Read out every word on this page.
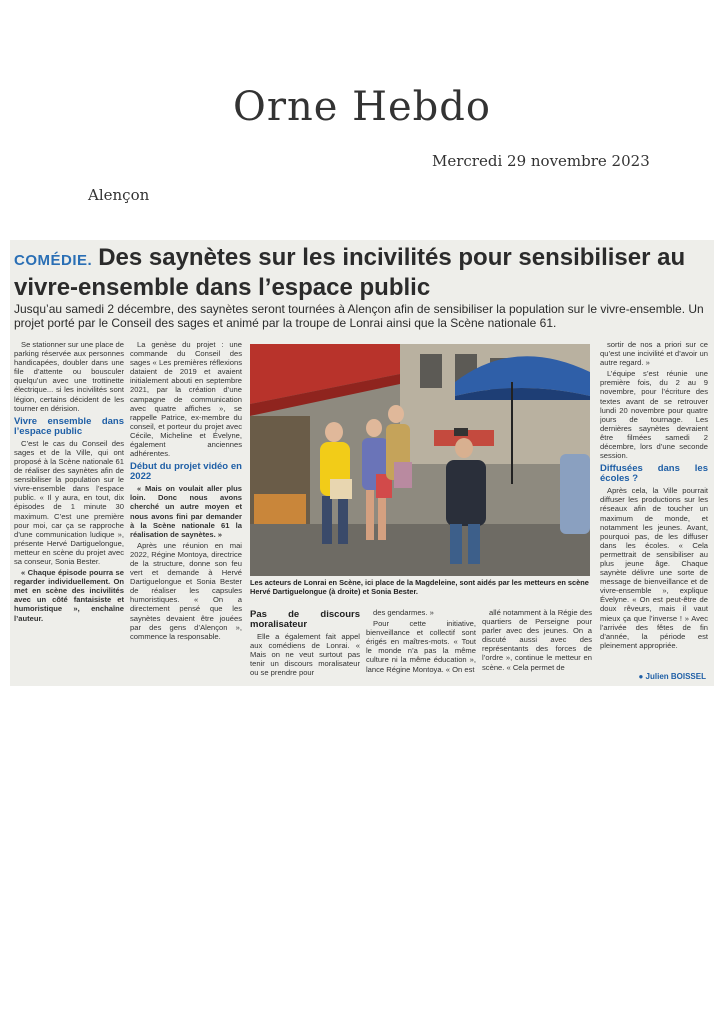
Orne Hebdo
Mercredi 29 novembre 2023
Alençon
COMÉDIE. Des saynètes sur les incivilités pour sensibiliser au vivre-ensemble dans l’espace public
Jusqu’au samedi 2 décembre, des saynètes seront tournées à Alençon afin de sensibiliser la population sur le vivre-ensemble. Un projet porté par le Conseil des sages et animé par la troupe de Lonrai ainsi que la Scène nationale 61.

Se stationner sur une place de parking réservée aux personnes handicapées, doubler dans une file d’attente ou bousculer quelqu’un avec une trottinette électrique... si les incivilités sont légion, certains décident de les tourner en dérision.

Vivre ensemble dans l’espace public

C’est le cas du Conseil des sages et de la Ville, qui ont proposé à la Scène nationale 61 de réaliser des saynètes afin de sensibiliser la population sur le vivre-ensemble dans l’espace public. « Il y aura, en tout, dix épisodes de 1 minute 30 maximum. C’est une première pour moi, car ça se rapproche d’une communication ludique », présente Hervé Dartiguelongue, metteur en scène du projet avec sa conseur, Sonia Bester.

« Chaque épisode pourra se regarder individuellement. On met en scène des incivilités avec un côté fantaisiste et humoristique », enchaîne l’auteur.

La genèse du projet : une commande du Conseil des sages « Les premières réflexions dataient de 2019 et avaient initialement abouti en septembre 2021, par la création d’une campagne de communication avec quatre affiches », se rappelle Patrice, ex-membre du conseil, et porteur du projet avec Cécile, Micheline et Évelyne, également anciennes adhérentes.

Début du projet vidéo en 2022

« Mais on voulait aller plus loin. Donc nous avons cherché un autre moyen et nous avons fini par demander à la Scène nationale 61 la réalisation de saynètes. »

Après une réunion en mai 2022, Régine Montoya, directrice de la structure, donne son feu vert et demande à Hervé Dartiguelongue et Sonia Bester de réaliser les capsules humoristiques. « On a directement pensé que les saynètes devaient être jouées par des gens d’Alençon », commence la responsable.

Les acteurs de Lonrai en Scène, ici place de la Magdeleine, sont aidés par les metteurs en scène Hervé Dartiguelongue (à droite) et Sonia Bester.
Pas de discours moralisateur

Elle a également fait appel aux comédiens de Lonrai. « Mais on ne veut surtout pas tenir un discours moralisateur ou se prendre pour

des gendarmes. »

Pour cette initiative, bienveillance et collectif sont érigés en maîtres-mots. « Tout le monde n’a pas la même culture ni la même éducation », lance Régine Montoya. « On est

allé notamment à la Régie des quartiers de Perseigne pour parler avec des jeunes. On a discuté aussi avec des représentants des forces de l’ordre », continue le metteur en scène. « Cela permet de

sortir de nos a priori sur ce qu’est une incivilité et d’avoir un autre regard. »

L’équipe s’est réunie une première fois, du 2 au 9 novembre, pour l’écriture des textes avant de se retrouver lundi 20 novembre pour quatre jours de tournage. Les dernières saynètes devraient être filmées samedi 2 décembre, lors d’une seconde session.

Diffusées dans les écoles ?

Après cela, la Ville pourrait diffuser les productions sur les réseaux afin de toucher un maximum de monde, et notamment les jeunes. Avant, pourquoi pas, de les diffuser dans les écoles. « Cela permettrait de sensibiliser au plus jeune âge. Chaque saynète délivre une sorte de message de bienveillance et de vivre-ensemble », explique Évelyne. « On est peut-être de doux rêveurs, mais il vaut mieux ça que l’inverse ! » Avec l’arrivée des fêtes de fin d’année, la période est pleinement appropriée.

● Julien BOISSEL
